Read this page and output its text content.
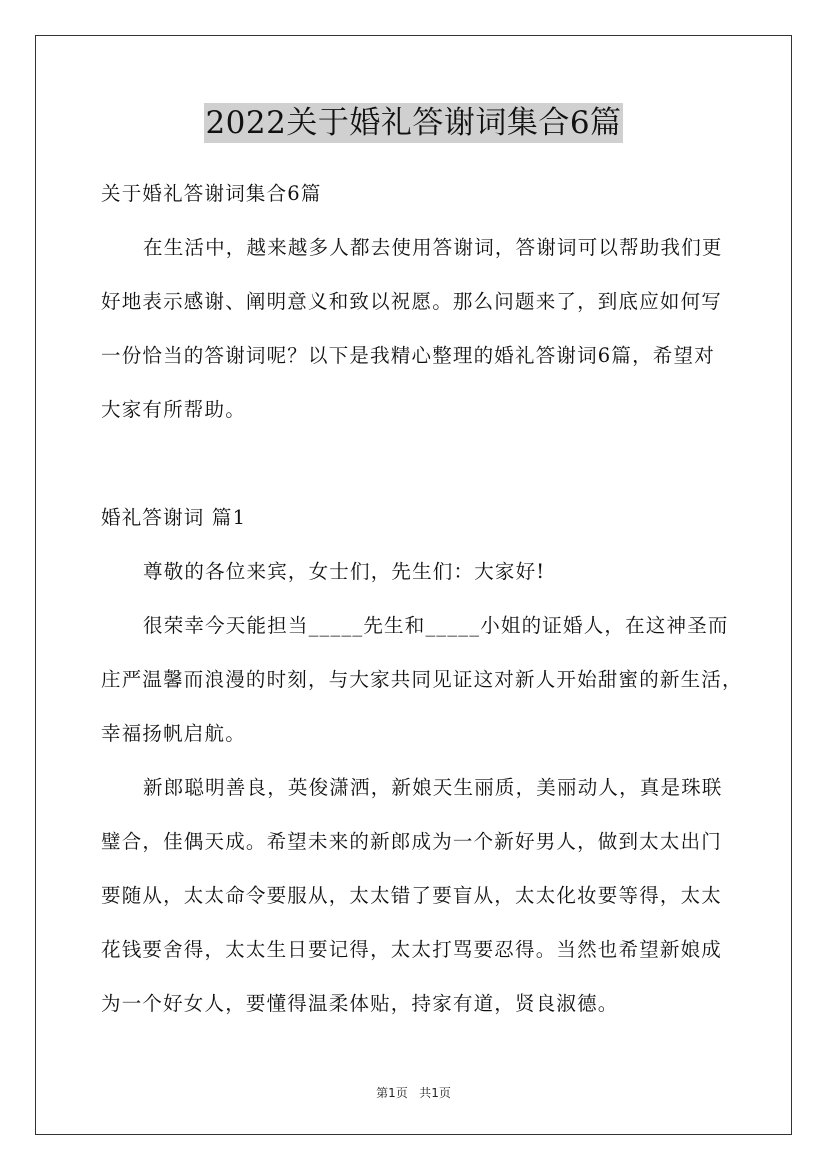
2022关于婚礼答谢词集合6篇
关于婚礼答谢词集合6篇
在生活中，越来越多人都去使用答谢词，答谢词可以帮助我们更
好地表示感谢、阐明意义和致以祝愿。那么问题来了，到底应如何写
一份恰当的答谢词呢？以下是我精心整理的婚礼答谢词6篇，希望对
大家有所帮助。
婚礼答谢词 篇1
尊敬的各位来宾，女士们，先生们：大家好!
很荣幸今天能担当_____先生和_____小姐的证婚人，在这神圣而
庄严温馨而浪漫的时刻，与大家共同见证这对新人开始甜蜜的新生活，
幸福扬帆启航。
新郎聪明善良，英俊潇洒，新娘天生丽质，美丽动人，真是珠联
璧合，佳偶天成。希望未来的新郎成为一个新好男人，做到太太出门
要随从，太太命令要服从，太太错了要盲从，太太化妆要等得，太太
花钱要舍得，太太生日要记得，太太打骂要忍得。当然也希望新娘成
为一个好女人，要懂得温柔体贴，持家有道，贤良淑德。
第1页 共1页
